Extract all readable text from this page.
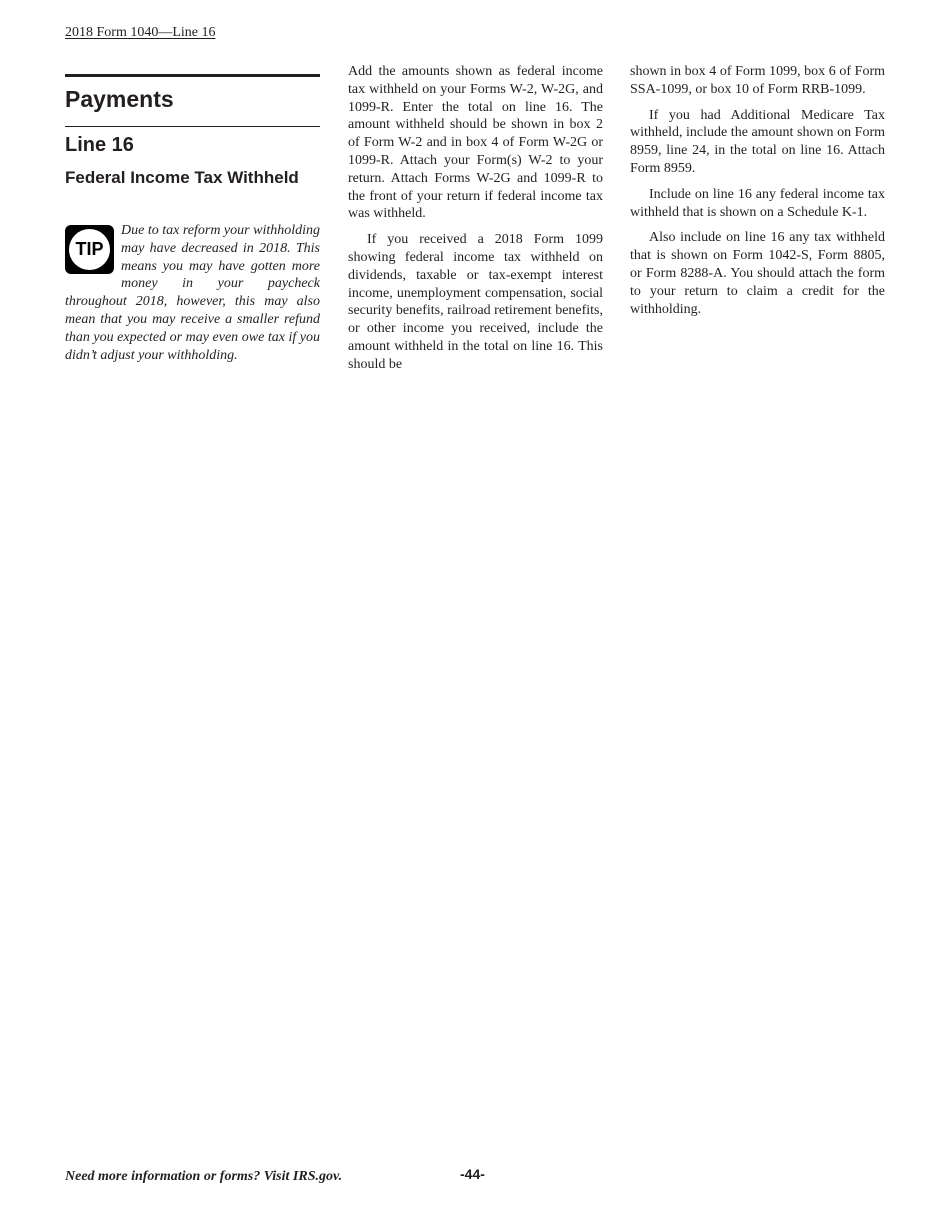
2018 Form 1040—Line 16
Payments
Line 16
Federal Income Tax Withheld
TIP
Due to tax reform your withholding may have decreased in 2018. This means you may have gotten more money in your paycheck throughout 2018, however, this may also mean that you may receive a smaller refund than you expected or may even owe tax if you didn’t adjust your withholding.

Add the amounts shown as federal income tax withheld on your Forms W-2, W-2G, and 1099-R. Enter the total on line 16. The amount withheld should be shown in box 2 of Form W-2 and in box 4 of Form W-2G or 1099-R. Attach your Form(s) W-2 to your return. Attach Forms W-2G and 1099-R to the front of your return if federal income tax was withheld.

If you received a 2018 Form 1099 showing federal income tax withheld on dividends, taxable or tax-exempt interest income, unemployment compensation, social security benefits, railroad retirement benefits, or other income you received, include the amount withheld in the total on line 16. This should be

shown in box 4 of Form 1099, box 6 of Form SSA-1099, or box 10 of Form RRB-1099.

If you had Additional Medicare Tax withheld, include the amount shown on Form 8959, line 24, in the total on line 16. Attach Form 8959.

Include on line 16 any federal income tax withheld that is shown on a Schedule K-1.

Also include on line 16 any tax withheld that is shown on Form 1042-S, Form 8805, or Form 8288-A. You should attach the form to your return to claim a credit for the withholding.

Need more information or forms? Visit IRS.gov.	-44-
